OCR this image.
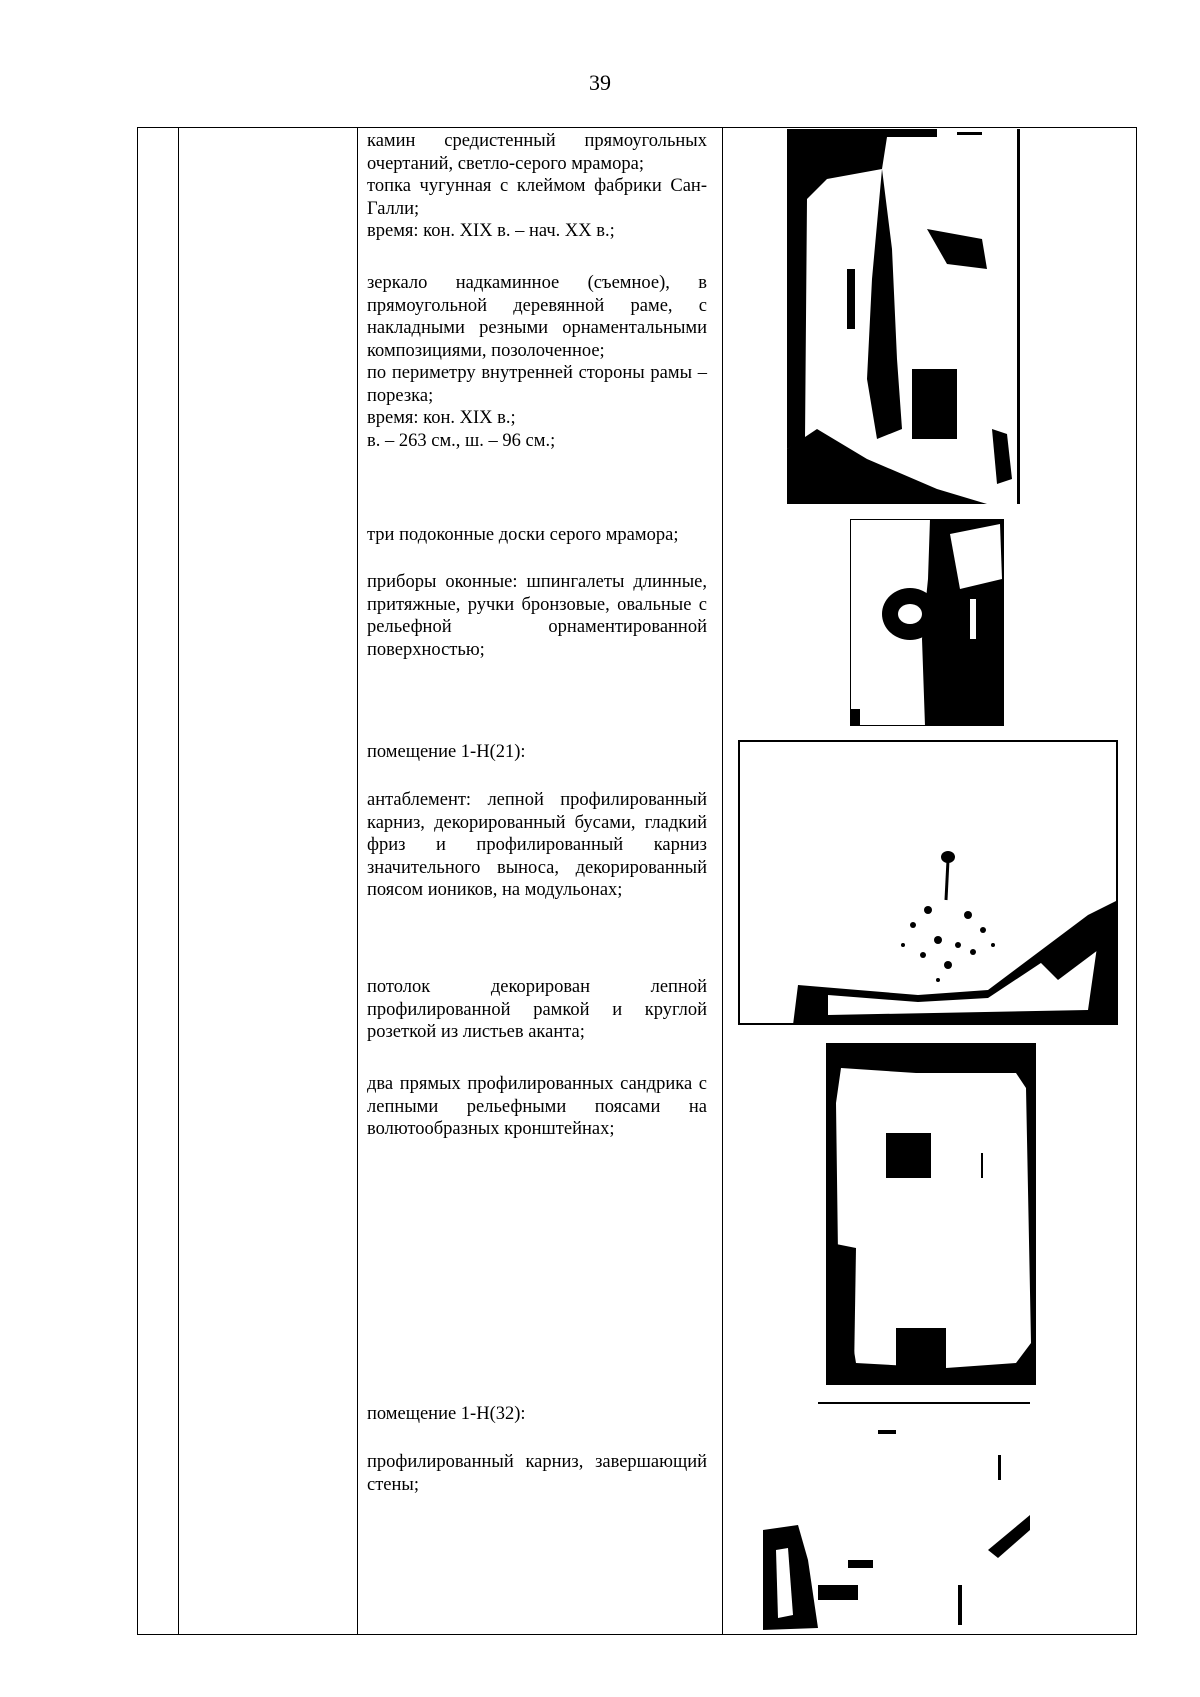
39

камин средистенный прямоугольных очертаний, светло-серого мрамора;

топка чугунная с клеймом фабрики Сан-Галли;

время: кон. XIX в. – нач. XX в.;

зеркало надкаминное (съемное), в прямоугольной деревянной раме, с накладными резными орнаментальными композициями, позолоченное;

по периметру внутренней стороны рамы – порезка;

время: кон. XIX в.;

в. – 263 см., ш. – 96 см.;

три подоконные доски серого мрамора;

приборы оконные: шпингалеты длинные, притяжные, ручки бронзовые, овальные с рельефной орнаментированной поверхностью;

помещение 1-Н(21):

антаблемент: лепной профилированный карниз, декорированный бусами, гладкий фриз и профилированный карниз значительного выноса, декорированный поясом иоников, на модульонах;

потолок декорирован лепной профилированной рамкой и круглой розеткой из листьев аканта;

два прямых профилированных сандрика с лепными рельефными поясами на волютообразных кронштейнах;

помещение 1-Н(32):

профилированный карниз, завершающий стены;
